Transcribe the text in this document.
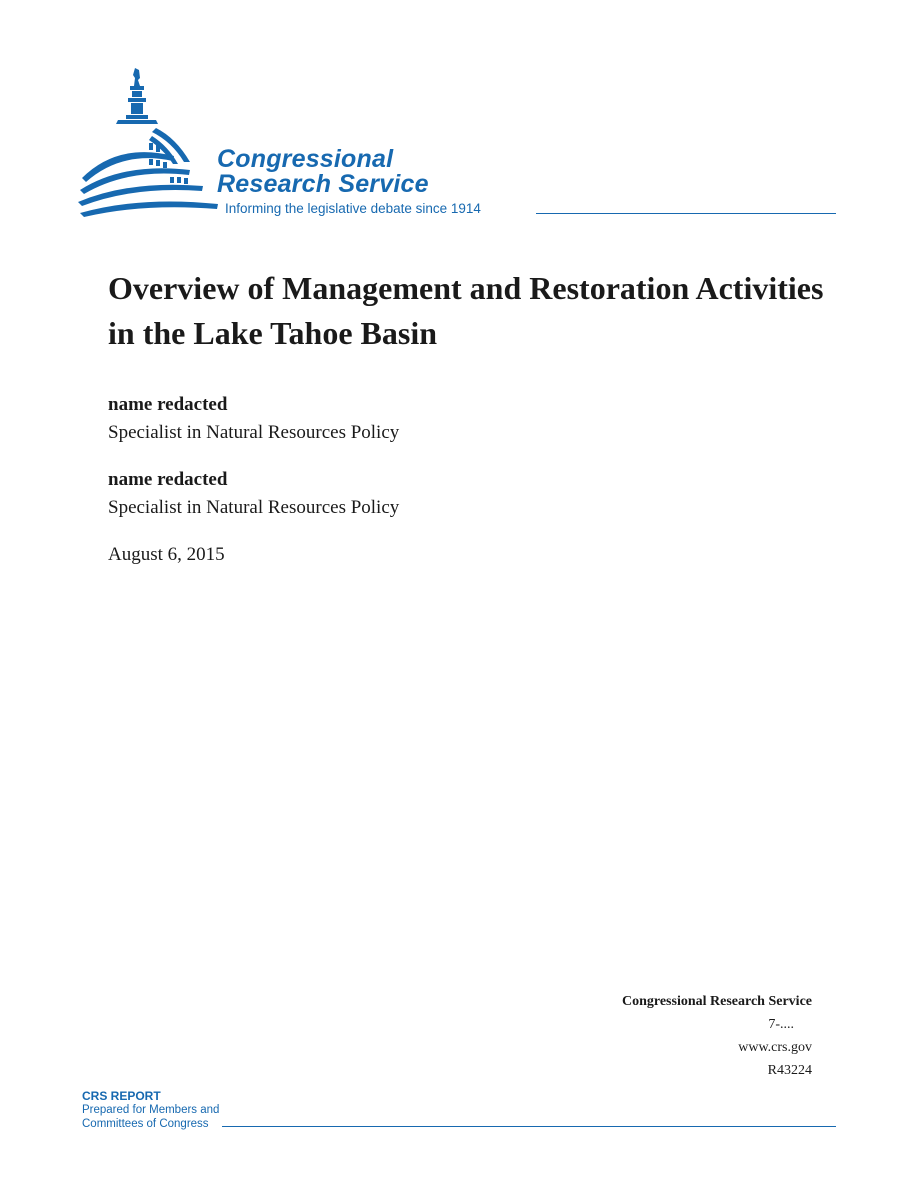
Congressional
Research Service
Informing the legislative debate since 1914
Overview of Management and Restoration Activities in the Lake Tahoe Basin
name redacted
Specialist in Natural Resources Policy
name redacted
Specialist in Natural Resources Policy
August 6, 2015
Congressional Research Service
7-....
www.crs.gov
R43224
CRS REPORT
Prepared for Members and
Committees of Congress
